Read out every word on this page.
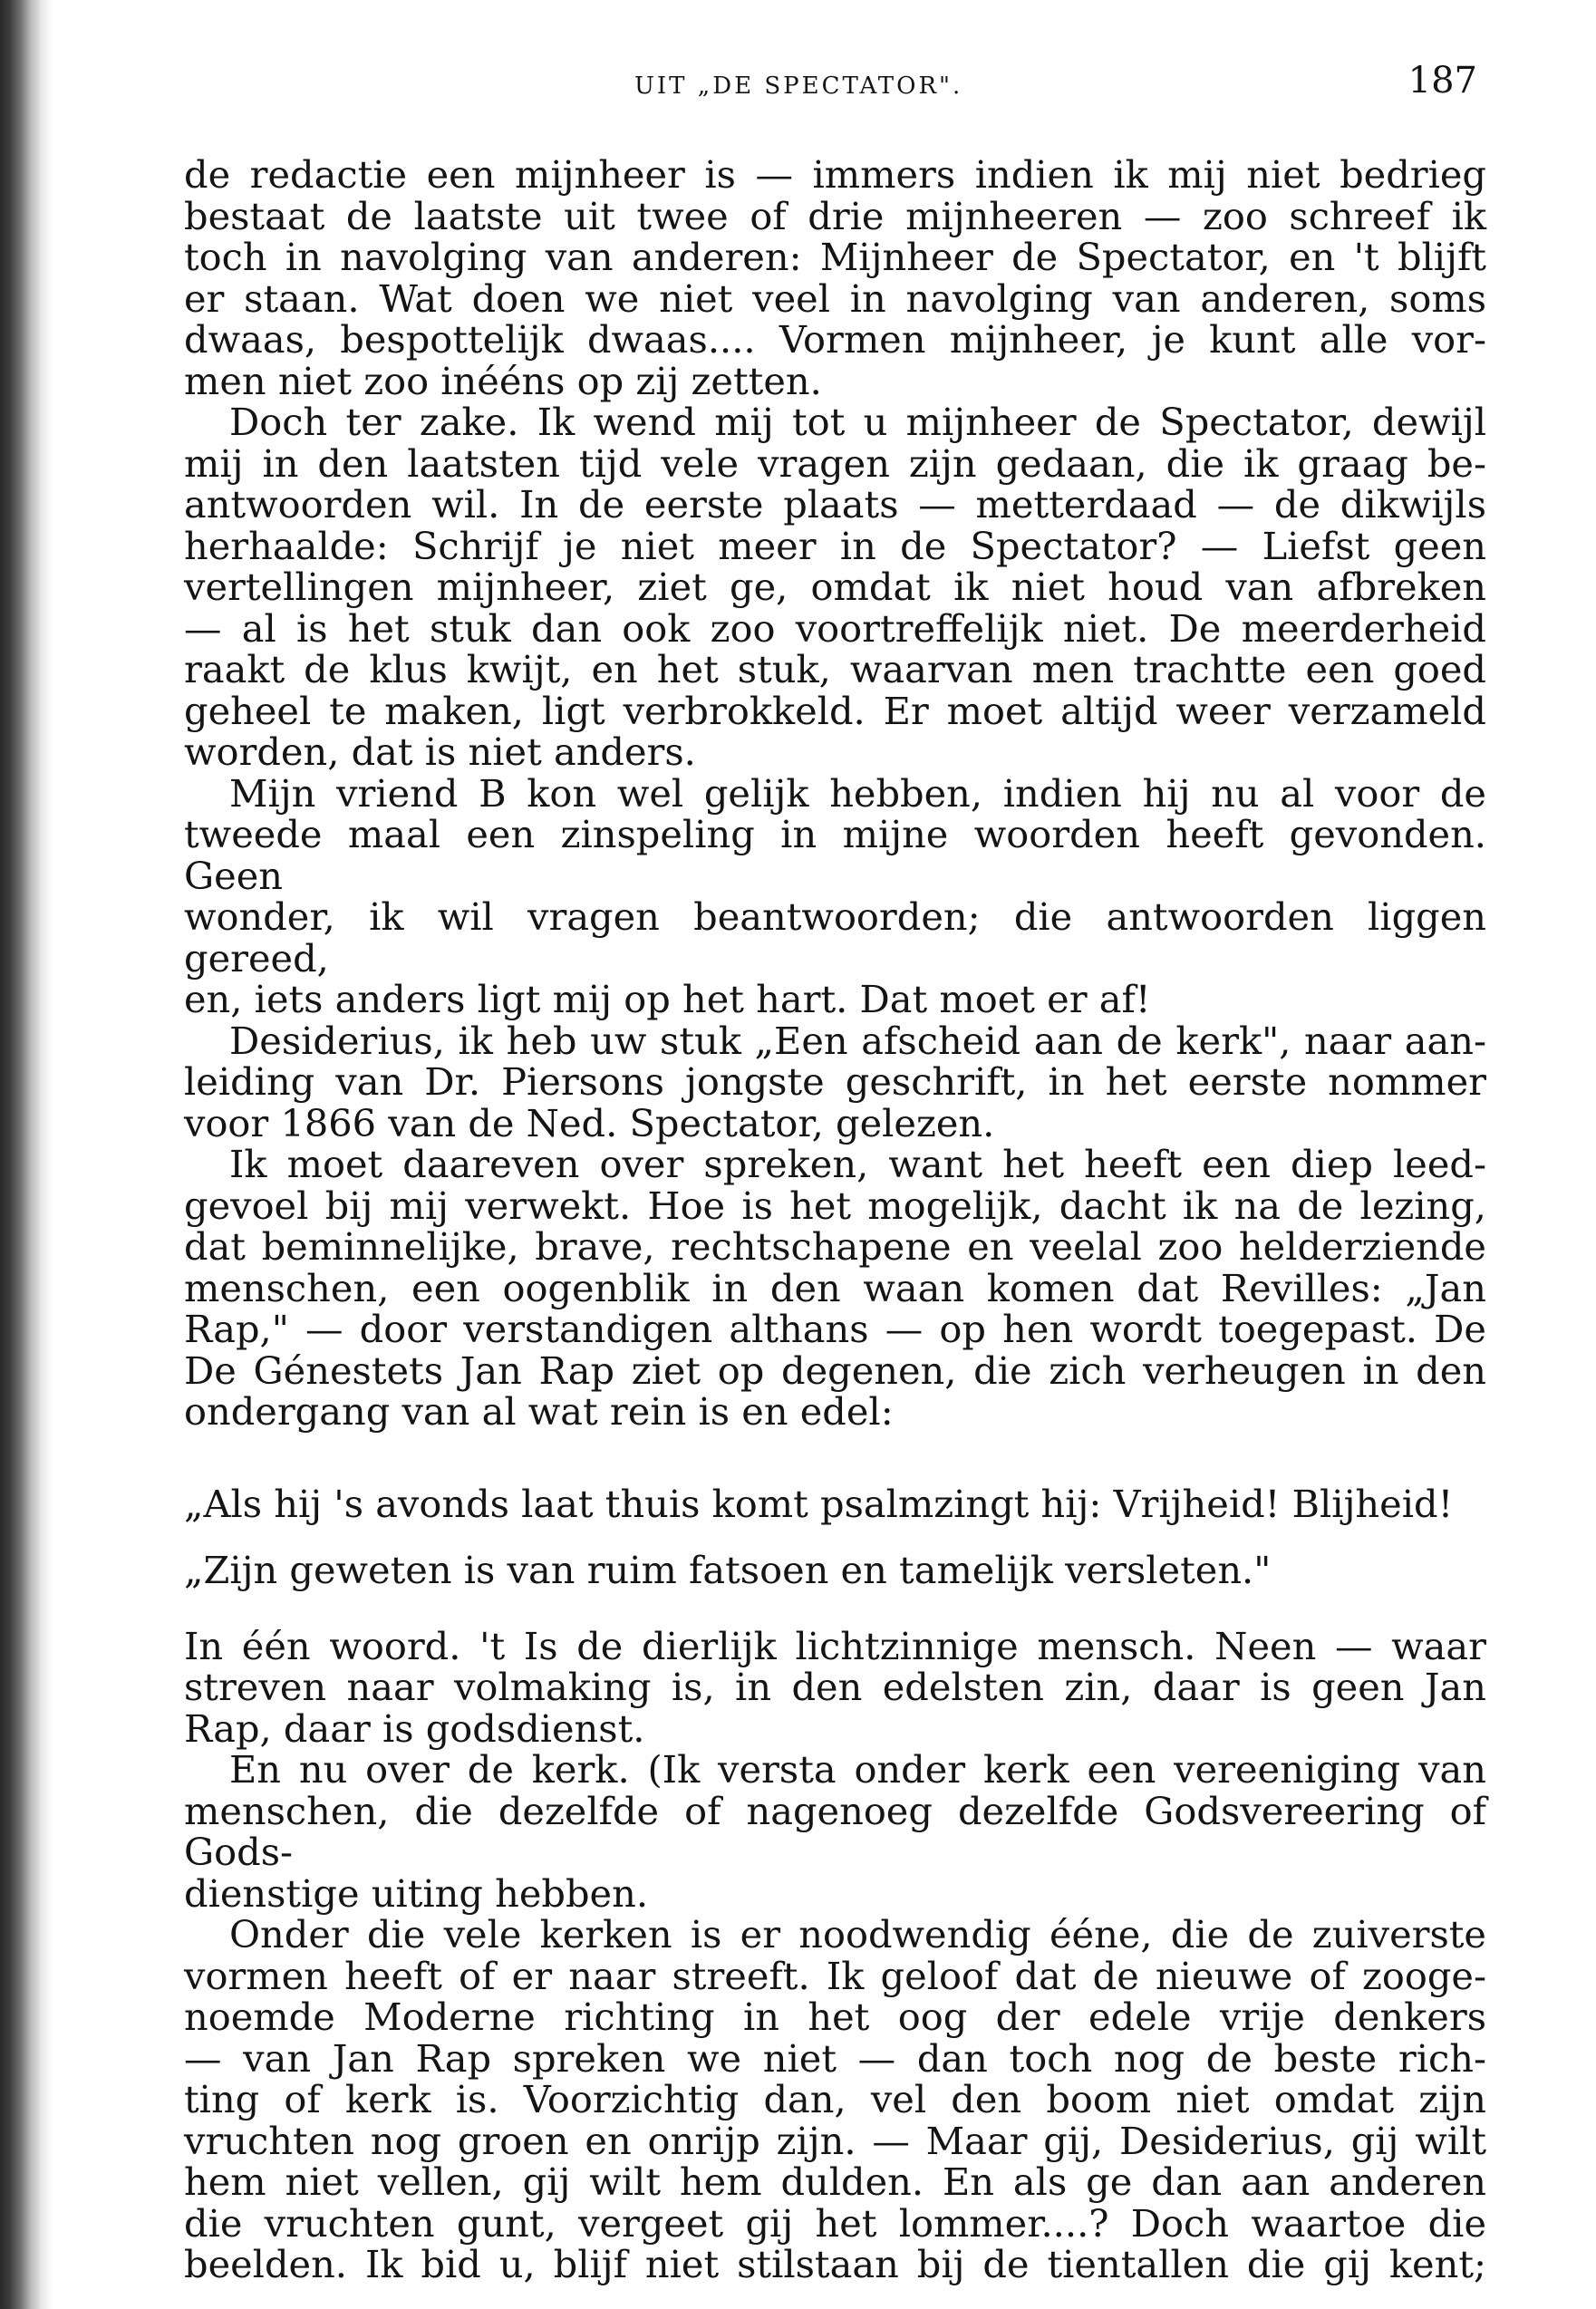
UIT „DE SPECTATOR".	187
de redactie een mijnheer is — immers indien ik mij niet bedrieg
bestaat de laatste uit twee of drie mijnheeren — zoo schreef ik
toch in navolging van anderen: Mijnheer de Spectator, en 't blijft
er staan. Wat doen we niet veel in navolging van anderen, soms
dwaas, bespottelijk dwaas.... Vormen mijnheer, je kunt alle vor-
men niet zoo inééns op zij zetten.
Doch ter zake. Ik wend mij tot u mijnheer de Spectator, dewijl
mij in den laatsten tijd vele vragen zijn gedaan, die ik graag be-
antwoorden wil. In de eerste plaats — metterdaad — de dikwijls
herhaalde: Schrijf je niet meer in de Spectator? — Liefst geen
vertellingen mijnheer, ziet ge, omdat ik niet houd van afbreken
— al is het stuk dan ook zoo voortreffelijk niet. De meerderheid
raakt de klus kwijt, en het stuk, waarvan men trachtte een goed
geheel te maken, ligt verbrokkeld. Er moet altijd weer verzameld
worden, dat is niet anders.
Mijn vriend B kon wel gelijk hebben, indien hij nu al voor de
tweede maal een zinspeling in mijne woorden heeft gevonden. Geen
wonder, ik wil vragen beantwoorden; die antwoorden liggen gereed,
en, iets anders ligt mij op het hart. Dat moet er af!
Desiderius, ik heb uw stuk „Een afscheid aan de kerk", naar aan-
leiding van Dr. Piersons jongste geschrift, in het eerste nommer
voor 1866 van de Ned. Spectator, gelezen.
Ik moet daareven over spreken, want het heeft een diep leed-
gevoel bij mij verwekt. Hoe is het mogelijk, dacht ik na de lezing,
dat beminnelijke, brave, rechtschapene en veelal zoo helderziende
menschen, een oogenblik in den waan komen dat Revilles: „Jan
Rap," — door verstandigen althans — op hen wordt toegepast. De
De Génestets Jan Rap ziet op degenen, die zich verheugen in den
ondergang van al wat rein is en edel:
„Als hij 's avonds laat thuis komt psalmzingt hij: Vrijheid! Blijheid!
„Zijn geweten is van ruim fatsoen en tamelijk versleten."
In één woord. 't Is de dierlijk lichtzinnige mensch. Neen — waar
streven naar volmaking is, in den edelsten zin, daar is geen Jan
Rap, daar is godsdienst.
En nu over de kerk. (Ik versta onder kerk een vereeniging van
menschen, die dezelfde of nagenoeg dezelfde Godsvereering of Gods-
dienstige uiting hebben.
Onder die vele kerken is er noodwendig ééne, die de zuiverste
vormen heeft of er naar streeft. Ik geloof dat de nieuwe of zooge-
noemde Moderne richting in het oog der edele vrije denkers
— van Jan Rap spreken we niet — dan toch nog de beste rich-
ting of kerk is. Voorzichtig dan, vel den boom niet omdat zijn
vruchten nog groen en onrijp zijn. — Maar gij, Desiderius, gij wilt
hem niet vellen, gij wilt hem dulden. En als ge dan aan anderen
die vruchten gunt, vergeet gij het lommer....? Doch waartoe die
beelden. Ik bid u, blijf niet stilstaan bij de tientallen die gij kent;
